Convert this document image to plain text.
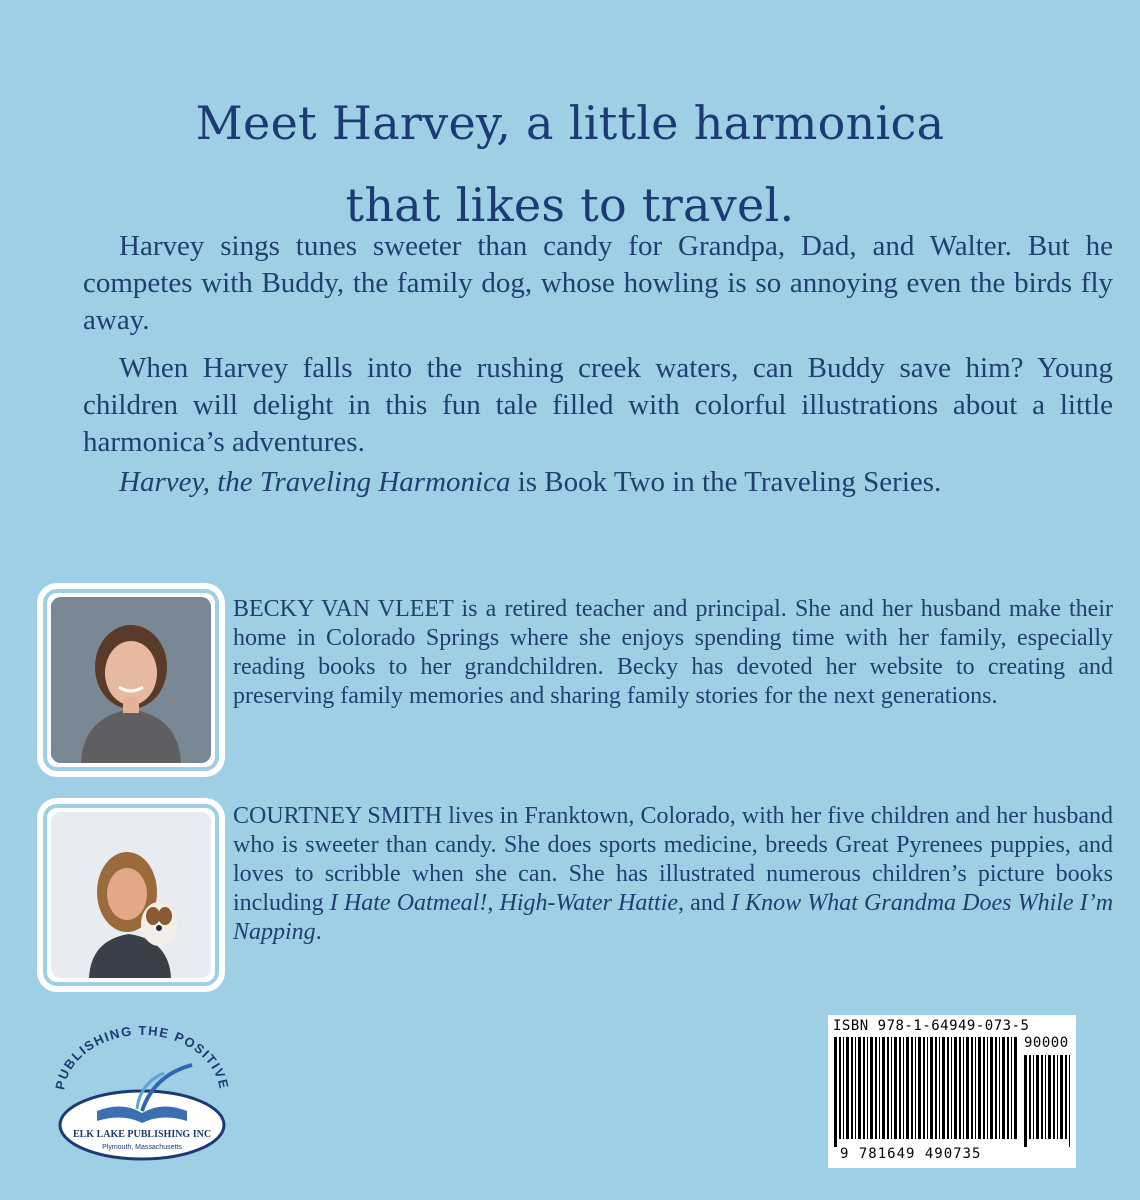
Meet Harvey, a little harmonica
that likes to travel.

Harvey sings tunes sweeter than candy for Grandpa, Dad, and Walter. But he competes with Buddy, the family dog, whose howling is so annoying even the birds fly away.

When Harvey falls into the rushing creek waters, can Buddy save him? Young children will delight in this fun tale filled with colorful illustrations about a little harmonica’s adventures.

Harvey, the Traveling Harmonica is Book Two in the Traveling Series.

BECKY VAN VLEET is a retired teacher and principal. She and her husband make their home in Colorado Springs where she enjoys spending time with her family, especially reading books to her grandchildren. Becky has devoted her website to creating and preserving family memories and sharing family stories for the next generations.
COURTNEY SMITH lives in Franktown, Colorado, with her five children and her husband who is sweeter than candy. She does sports medicine, breeds Great Pyrenees puppies, and loves to scribble when she can. She has illustrated numerous children’s picture books including I Hate Oatmeal!, High-Water Hattie, and I Know What Grandma Does While I’m Napping.
PUBLISHING THE POSITIVE
ELK LAKE PUBLISHING INC
Plymouth, Massachusetts
ISBN 978-1-64949-073-5
90000
9 781649 490735
